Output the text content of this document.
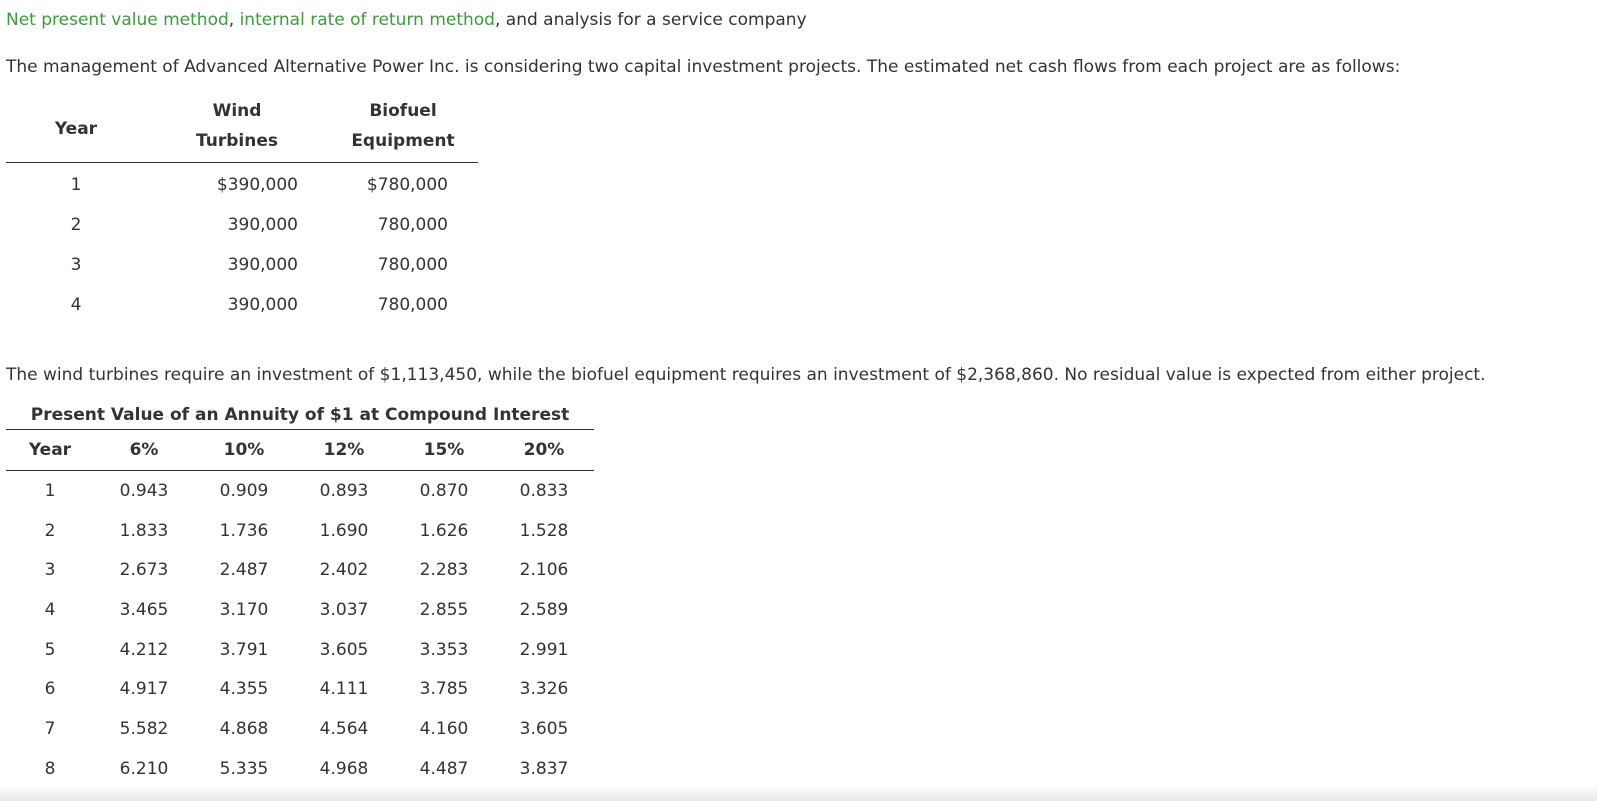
Net present value method, internal rate of return method, and analysis for a service company
The management of Advanced Alternative Power Inc. is considering two capital investment projects. The estimated net cash flows from each project are as follows:
Year	Wind	Biofuel
	Turbines	Equipment
1	$390,000	$780,000
2	390,000	780,000
3	390,000	780,000
4	390,000	780,000
The wind turbines require an investment of $1,113,450, while the biofuel equipment requires an investment of $2,368,860. No residual value is expected from either project.
Present Value of an Annuity of $1 at Compound Interest
Year	6%	10%	12%	15%	20%
1	0.943	0.909	0.893	0.870	0.833
2	1.833	1.736	1.690	1.626	1.528
3	2.673	2.487	2.402	2.283	2.106
4	3.465	3.170	3.037	2.855	2.589
5	4.212	3.791	3.605	3.353	2.991
6	4.917	4.355	4.111	3.785	3.326
7	5.582	4.868	4.564	4.160	3.605
8	6.210	5.335	4.968	4.487	3.837
